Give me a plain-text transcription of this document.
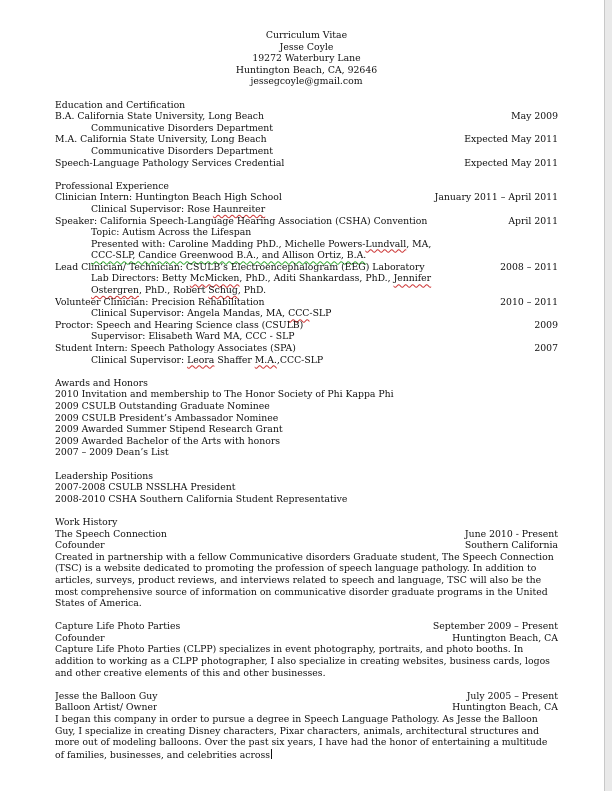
Curriculum Vitae
Jesse Coyle
19272 Waterbury Lane
Huntington Beach, CA, 92646
jessegcoyle@gmail.com
Education and Certification
B.A. California State University, Long Beach	May 2009
Communicative Disorders Department
M.A. California State University, Long Beach	Expected May 2011
Communicative Disorders Department
Speech-Language Pathology Services Credential	Expected May 2011
Professional Experience
Clinician Intern: Huntington Beach High School	January 2011 – April 2011
Clinical Supervisor: Rose Haunreiter
Speaker: California Speech-Language Hearing Association (CSHA) Convention	April 2011
Topic: Autism Across the Lifespan
Presented with: Caroline Madding PhD., Michelle Powers-Lundvall, MA,
CCC-SLP, Candice Greenwood B.A., and Allison Ortiz, B.A.
Lead Clinician/ Technician: CSULB’s Electroencephalogram (EEG) Laboratory	2008 – 2011
Lab Directors: Betty McMicken, PhD., Aditi Shankardass, PhD., Jennifer
Ostergren, PhD., Robert Schug, PhD.
Volunteer Clinician: Precision Rehabilitation	2010 – 2011
Clinical Supervisor: Angela Mandas, MA, CCC-SLP
Proctor: Speech and Hearing Science class (CSULB)	2009
Supervisor: Elisabeth Ward MA, CCC - SLP
Student Intern: Speech Pathology Associates (SPA)	2007
Clinical Supervisor: Leora Shaffer M.A.,CCC-SLP
Awards and Honors
2010 Invitation and membership to The Honor Society of Phi Kappa Phi
2009 CSULB Outstanding Graduate Nominee
2009 CSULB President’s Ambassador Nominee
2009 Awarded Summer Stipend Research Grant
2009 Awarded Bachelor of the Arts with honors
2007 – 2009 Dean’s List
Leadership Positions
2007-2008 CSULB NSSLHA President
2008-2010 CSHA Southern California Student Representative
Work History
The Speech Connection	June 2010 - Present
Cofounder	Southern California

Created in partnership with a fellow Communicative disorders Graduate student, The Speech Connection (TSC) is a website dedicated to promoting the profession of speech language pathology. In addition to articles, surveys, product reviews, and interviews related to speech and language, TSC will also be the most comprehensive source of information on communicative disorder graduate programs in the United States of America.

Capture Life Photo Parties	September 2009 – Present
Cofounder	Huntington Beach, CA

Capture Life Photo Parties (CLPP) specializes in event photography, portraits, and photo booths. In addition to working as a CLPP photographer, I also specialize in creating websites, business cards, logos and other creative elements of this and other businesses.

Jesse the Balloon Guy	July 2005 – Present
Balloon Artist/ Owner	Huntington Beach, CA

I began this company in order to pursue a degree in Speech Language Pathology. As Jesse the Balloon Guy, I specialize in creating Disney characters, Pixar characters, animals, architectural structures and more out of modeling balloons. Over the past six years, I have had the honor of entertaining a multitude of families, businesses, and celebrities across
